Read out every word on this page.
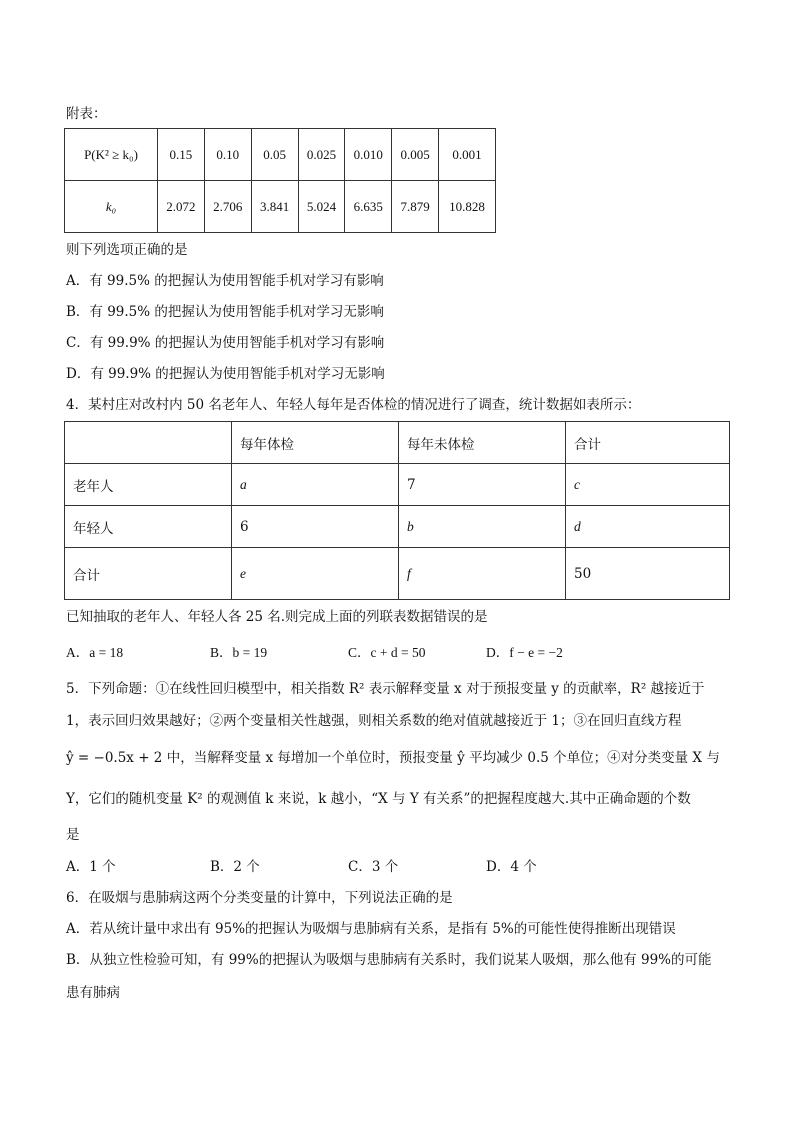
附表：
P(K² ≥ k₀)	0.15	0.10	0.05	0.025	0.010	0.005	0.001
k₀	2.072	2.706	3.841	5.024	6.635	7.879	10.828
则下列选项正确的是
A．有 99.5% 的把握认为使用智能手机对学习有影响
B．有 99.5% 的把握认为使用智能手机对学习无影响
C．有 99.9% 的把握认为使用智能手机对学习有影响
D．有 99.9% 的把握认为使用智能手机对学习无影响
4．某村庄对改村内 50 名老年人、年轻人每年是否体检的情况进行了调查，统计数据如表所示：
	每年体检	每年未体检	合计
老年人	a	7	c
年轻人	6	b	d
合计	e	f	50
已知抽取的老年人、年轻人各 25 名.则完成上面的列联表数据错误的是
A．a = 18	B．b = 19	C．c + d = 50	D．f − e = −2
5．下列命题：①在线性回归模型中，相关指数 R² 表示解释变量 x 对于预报变量 y 的贡献率，R² 越接近于
1，表示回归效果越好；②两个变量相关性越强，则相关系数的绝对值就越接近于 1；③在回归直线方程
ŷ = −0.5x + 2 中，当解释变量 x 每增加一个单位时，预报变量 ŷ 平均减少 0.5 个单位；④对分类变量 X 与
Y，它们的随机变量 K² 的观测值 k 来说，k 越小，“X 与 Y 有关系”的把握程度越大.其中正确命题的个数
是
A．1 个	B．2 个	C．3 个	D．4 个
6．在吸烟与患肺病这两个分类变量的计算中，下列说法正确的是
A．若从统计量中求出有 95%的把握认为吸烟与患肺病有关系，是指有 5%的可能性使得推断出现错误
B．从独立性检验可知，有 99%的把握认为吸烟与患肺病有关系时，我们说某人吸烟，那么他有 99%的可能
患有肺病
